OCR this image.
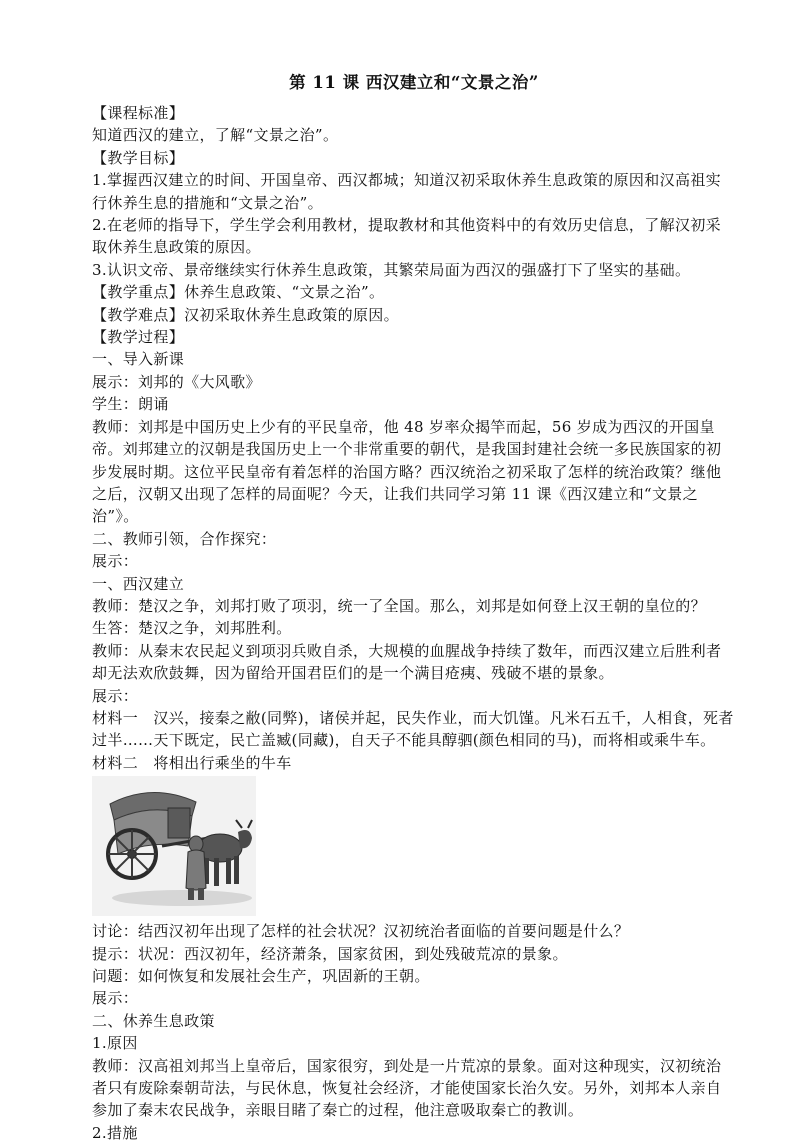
第 11 课 西汉建立和“文景之治”

【课程标准】

知道西汉的建立，了解“文景之治”。

【教学目标】

1.掌握西汉建立的时间、开国皇帝、西汉都城；知道汉初采取休养生息政策的原因和汉高祖实行休养生息的措施和“文景之治”。

2.在老师的指导下，学生学会利用教材，提取教材和其他资料中的有效历史信息，了解汉初采取休养生息政策的原因。

3.认识文帝、景帝继续实行休养生息政策，其繁荣局面为西汉的强盛打下了坚实的基础。

【教学重点】休养生息政策、“文景之治”。

【教学难点】汉初采取休养生息政策的原因。

【教学过程】

一、导入新课

展示：刘邦的《大风歌》

学生：朗诵

教师：刘邦是中国历史上少有的平民皇帝，他 48 岁率众揭竿而起，56 岁成为西汉的开国皇帝。刘邦建立的汉朝是我国历史上一个非常重要的朝代，是我国封建社会统一多民族国家的初步发展时期。这位平民皇帝有着怎样的治国方略？西汉统治之初采取了怎样的统治政策？继他之后，汉朝又出现了怎样的局面呢？今天，让我们共同学习第 11 课《西汉建立和“文景之治”》。

二、教师引领，合作探究：

展示：

一、西汉建立

教师：楚汉之争，刘邦打败了项羽，统一了全国。那么，刘邦是如何登上汉王朝的皇位的？

生答：楚汉之争，刘邦胜利。

教师：从秦末农民起义到项羽兵败自杀，大规模的血腥战争持续了数年，而西汉建立后胜利者却无法欢欣鼓舞，因为留给开国君臣们的是一个满目疮痍、残破不堪的景象。

展示：

材料一   汉兴，接秦之敝(同弊)，诸侯并起，民失作业，而大饥馑。凡米石五千，人相食，死者过半……天下既定，民亡盖臧(同藏)，自天子不能具醇驷(颜色相同的马)，而将相或乘牛车。

材料二   将相出行乘坐的牛车

讨论：结西汉初年出现了怎样的社会状况？汉初统治者面临的首要问题是什么？

提示：状况：西汉初年，经济萧条，国家贫困，到处残破荒凉的景象。

问题：如何恢复和发展社会生产，巩固新的王朝。

展示：

二、休养生息政策

1.原因

教师：汉高祖刘邦当上皇帝后，国家很穷，到处是一片荒凉的景象。面对这种现实，汉初统治者只有废除秦朝苛法，与民休息，恢复社会经济，才能使国家长治久安。另外，刘邦本人亲自参加了秦末农民战争，亲眼目睹了秦亡的过程，他注意吸取秦亡的教训。

2.措施
